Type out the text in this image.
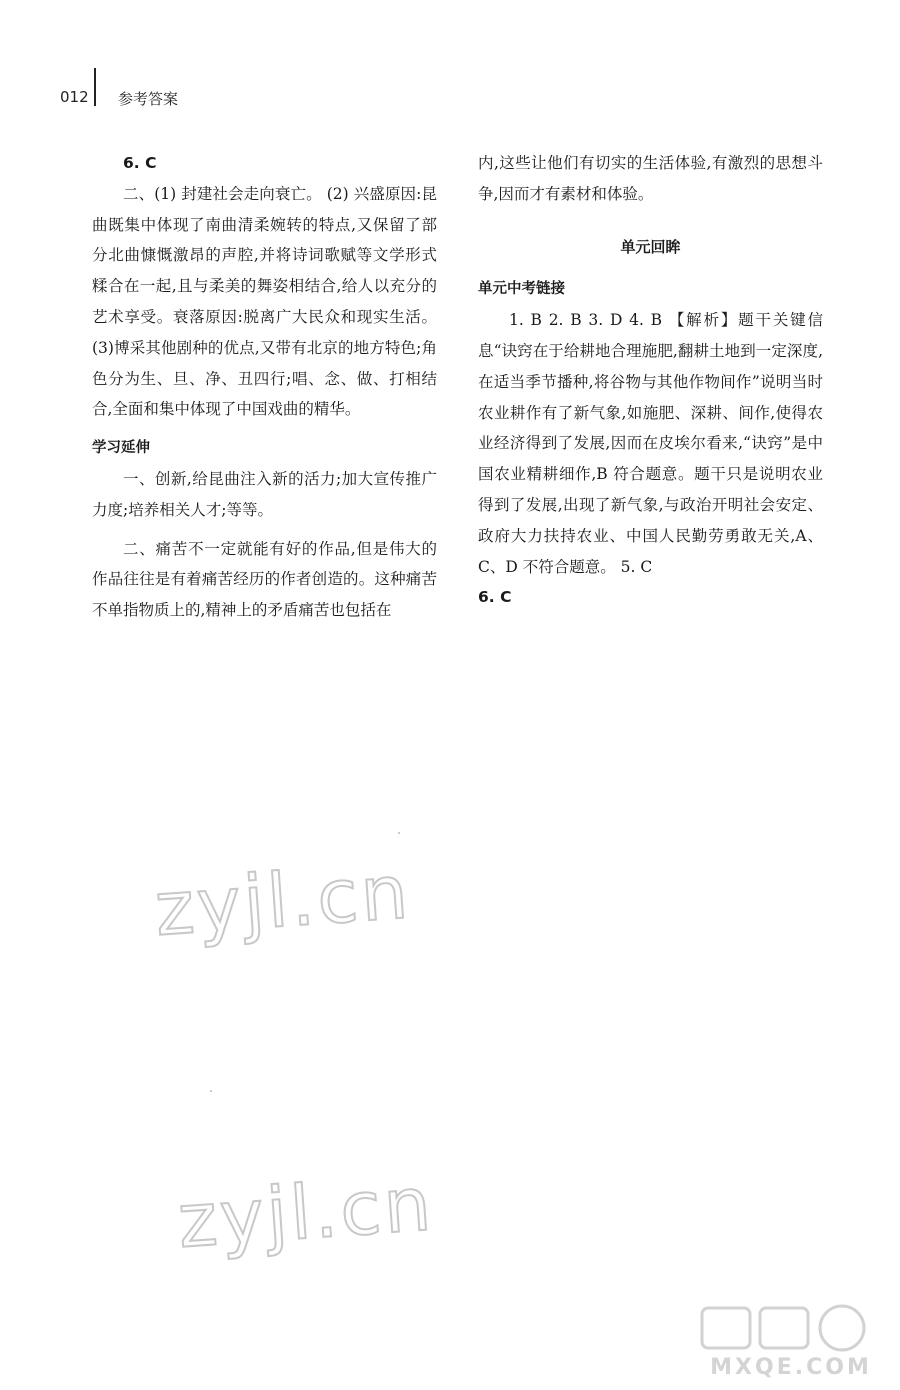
012 参考答案

6. C

二、(1) 封建社会走向衰亡。 (2) 兴盛原因:昆曲既集中体现了南曲清柔婉转的特点,又保留了部分北曲慷慨激昂的声腔,并将诗词歌赋等文学形式糅合在一起,且与柔美的舞姿相结合,给人以充分的艺术享受。衰落原因:脱离广大民众和现实生活。 (3)博采其他剧种的优点,又带有北京的地方特色;角色分为生、旦、净、丑四行;唱、念、做、打相结合,全面和集中体现了中国戏曲的精华。

学习延伸

一、创新,给昆曲注入新的活力;加大宣传推广力度;培养相关人才;等等。

二、痛苦不一定就能有好的作品,但是伟大的作品往往是有着痛苦经历的作者创造的。这种痛苦不单指物质上的,精神上的矛盾痛苦也包括在

内,这些让他们有切实的生活体验,有激烈的思想斗争,因而才有素材和体验。

单元回眸

单元中考链接

1. B 2. B 3. D 4. B 【解析】题干关键信息“诀窍在于给耕地合理施肥,翻耕土地到一定深度,在适当季节播种,将谷物与其他作物间作”说明当时农业耕作有了新气象,如施肥、深耕、间作,使得农业经济得到了发展,因而在皮埃尔看来,“诀窍”是中国农业精耕细作,B 符合题意。题干只是说明农业得到了发展,出现了新气象,与政治开明社会安定、政府大力扶持农业、中国人民勤劳勇敢无关,A、C、D 不符合题意。 5. C

6. C

zyjl.cn
zyjl.cn
MXQE.COM
